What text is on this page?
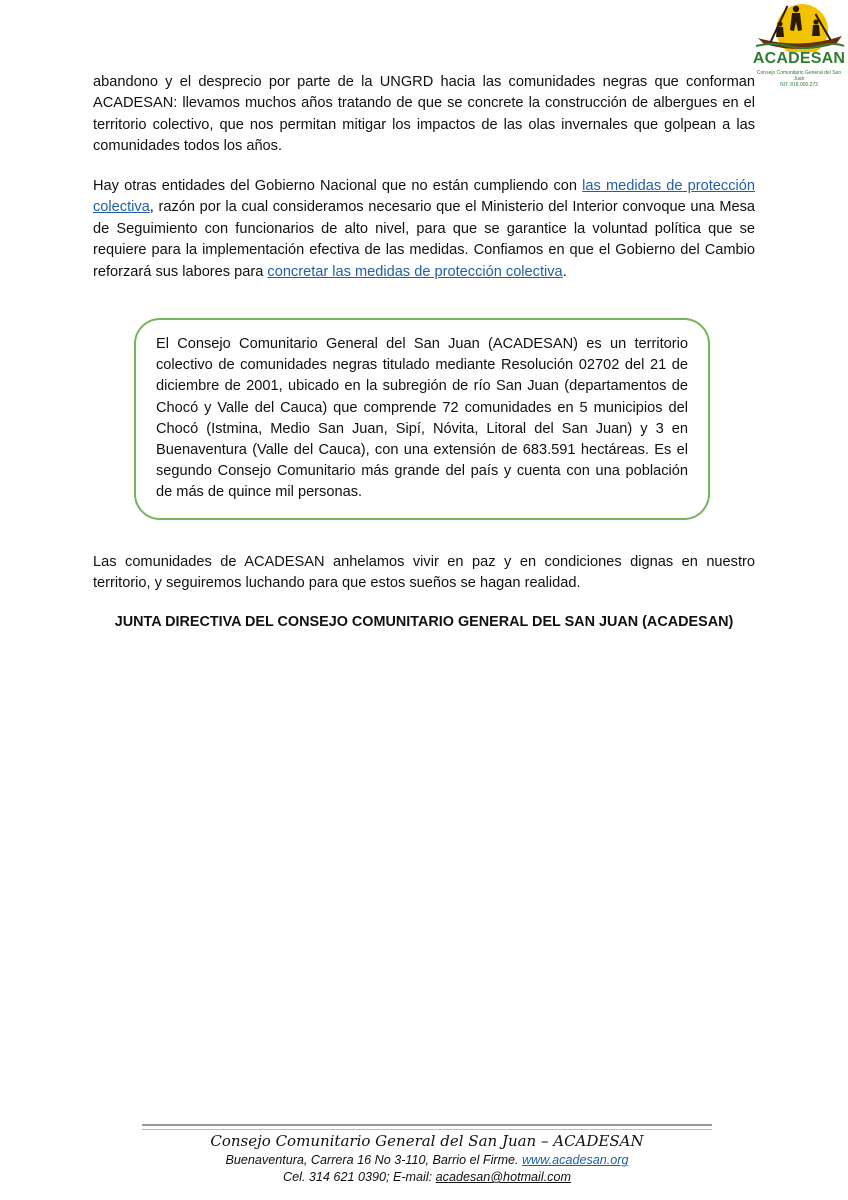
ACADESAN
Consejo Comunitario General del San Juan
NIT. 818.000.272

abandono y el desprecio por parte de la UNGRD hacia las comunidades negras que conforman ACADESAN: llevamos muchos años tratando de que se concrete la construcción de albergues en el territorio colectivo, que nos permitan mitigar los impactos de las olas invernales que golpean a las comunidades todos los años.

Hay otras entidades del Gobierno Nacional que no están cumpliendo con las medidas de protección colectiva, razón por la cual consideramos necesario que el Ministerio del Interior convoque una Mesa de Seguimiento con funcionarios de alto nivel, para que se garantice la voluntad política que se requiere para la implementación efectiva de las medidas. Confiamos en que el Gobierno del Cambio reforzará sus labores para concretar las medidas de protección colectiva.

El Consejo Comunitario General del San Juan (ACADESAN) es un territorio colectivo de comunidades negras titulado mediante Resolución 02702 del 21 de diciembre de 2001, ubicado en la subregión de río San Juan (departamentos de Chocó y Valle del Cauca) que comprende 72 comunidades en 5 municipios del Chocó (Istmina, Medio San Juan, Sipí, Nóvita, Litoral del San Juan) y 3 en Buenaventura (Valle del Cauca), con una extensión de 683.591 hectáreas. Es el segundo Consejo Comunitario más grande del país y cuenta con una población de más de quince mil personas.

Las comunidades de ACADESAN anhelamos vivir en paz y en condiciones dignas en nuestro territorio, y seguiremos luchando para que estos sueños se hagan realidad.

JUNTA DIRECTIVA DEL CONSEJO COMUNITARIO GENERAL DEL SAN JUAN (ACADESAN)

Consejo Comunitario General del San Juan – ACADESAN

Buenaventura, Carrera 16 No 3-110, Barrio el Firme. www.acadesan.org

Cel. 314 621 0390; E-mail: acadesan@hotmail.com
